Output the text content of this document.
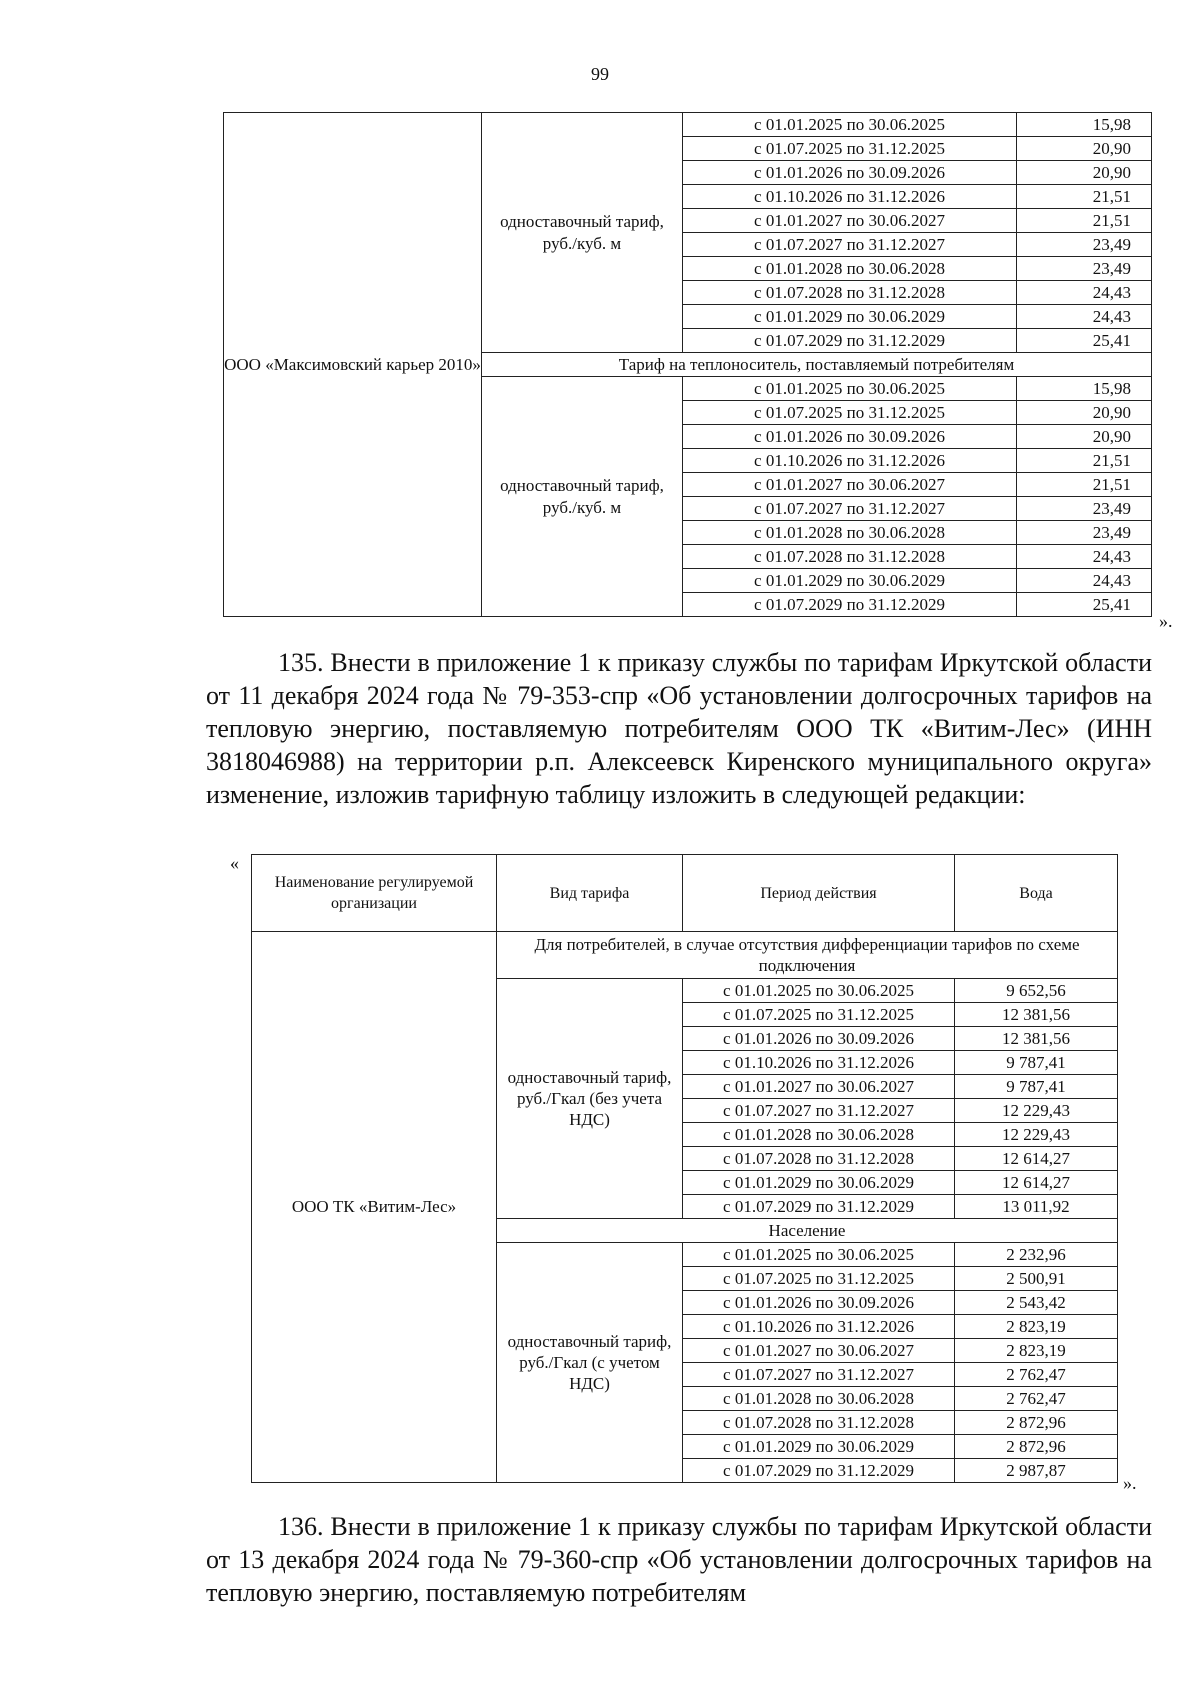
99
ООО «Максимовский карьер 2010»	одноставочный тариф, руб./куб. м	с 01.01.2025 по 30.06.2025	15,98
		с 01.07.2025 по 31.12.2025	20,90
		с 01.01.2026 по 30.09.2026	20,90
		с 01.10.2026 по 31.12.2026	21,51
		с 01.01.2027 по 30.06.2027	21,51
		с 01.07.2027 по 31.12.2027	23,49
		с 01.01.2028 по 30.06.2028	23,49
		с 01.07.2028 по 31.12.2028	24,43
		с 01.01.2029 по 30.06.2029	24,43
		с 01.07.2029 по 31.12.2029	25,41
	Тариф на теплоноситель, поставляемый потребителям		
	одноставочный тариф, руб./куб. м	с 01.01.2025 по 30.06.2025	15,98
		с 01.07.2025 по 31.12.2025	20,90
		с 01.01.2026 по 30.09.2026	20,90
		с 01.10.2026 по 31.12.2026	21,51
		с 01.01.2027 по 30.06.2027	21,51
		с 01.07.2027 по 31.12.2027	23,49
		с 01.01.2028 по 30.06.2028	23,49
		с 01.07.2028 по 31.12.2028	24,43
		с 01.01.2029 по 30.06.2029	24,43
		с 01.07.2029 по 31.12.2029	25,41
».
135. Внести в приложение 1 к приказу службы по тарифам Иркутской области от 11 декабря 2024 года № 79-353-спр «Об установлении долгосрочных тарифов на тепловую энергию, поставляемую потребителям ООО ТК «Витим-Лес» (ИНН 3818046988) на территории р.п. Алексеевск Киренского муниципального округа» изменение, изложив тарифную таблицу изложить в следующей редакции:
«
Наименование регулируемой организации	Вид тарифа	Период действия	Вода
ООО ТК «Витим-Лес»	Для потребителей, в случае отсутствия дифференциации тарифов по схеме подключения		
	одноставочный тариф, руб./Гкал (без учета НДС)	с 01.01.2025 по 30.06.2025	9 652,56
		с 01.07.2025 по 31.12.2025	12 381,56
		с 01.01.2026 по 30.09.2026	12 381,56
		с 01.10.2026 по 31.12.2026	9 787,41
		с 01.01.2027 по 30.06.2027	9 787,41
		с 01.07.2027 по 31.12.2027	12 229,43
		с 01.01.2028 по 30.06.2028	12 229,43
		с 01.07.2028 по 31.12.2028	12 614,27
		с 01.01.2029 по 30.06.2029	12 614,27
		с 01.07.2029 по 31.12.2029	13 011,92
	Население		
	одноставочный тариф, руб./Гкал (с учетом НДС)	с 01.01.2025 по 30.06.2025	2 232,96
		с 01.07.2025 по 31.12.2025	2 500,91
		с 01.01.2026 по 30.09.2026	2 543,42
		с 01.10.2026 по 31.12.2026	2 823,19
		с 01.01.2027 по 30.06.2027	2 823,19
		с 01.07.2027 по 31.12.2027	2 762,47
		с 01.01.2028 по 30.06.2028	2 762,47
		с 01.07.2028 по 31.12.2028	2 872,96
		с 01.01.2029 по 30.06.2029	2 872,96
		с 01.07.2029 по 31.12.2029	2 987,87
».
136. Внести в приложение 1 к приказу службы по тарифам Иркутской области от 13 декабря 2024 года № 79-360-спр «Об установлении долгосрочных тарифов на тепловую энергию, поставляемую потребителям
